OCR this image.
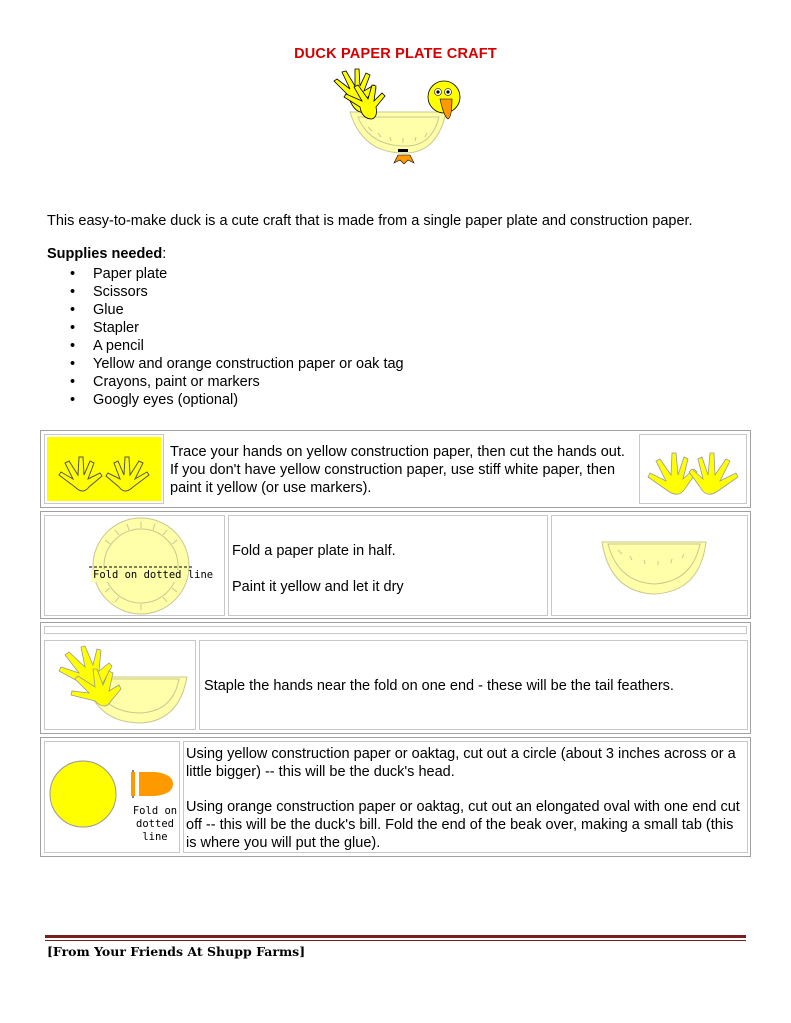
DUCK PAPER PLATE CRAFT
This easy-to-make duck is a cute craft that is made from a single paper plate and construction paper.
Supplies needed:
• Paper plate
• Scissors
• Glue
• Stapler
• A pencil
• Yellow and orange construction paper or oak tag
• Crayons, paint or markers
• Googly eyes (optional)
Trace your hands on yellow construction paper, then cut the hands out. If you don't have yellow construction paper, use stiff white paper, then paint it yellow (or use markers).
Fold on dotted line
Fold a paper plate in half.
Paint it yellow and let it dry
Staple the hands near the fold on one end - these will be the tail feathers.
Fold on
dotted line
Using yellow construction paper or oaktag, cut out a circle (about 3 inches across or a little bigger) -- this will be the duck's head.
Using orange construction paper or oaktag, cut out an elongated oval with one end cut off -- this will be the duck's bill. Fold the end of the beak over, making a small tab (this is where you will put the glue).
[From Your Friends At Shupp Farms]
